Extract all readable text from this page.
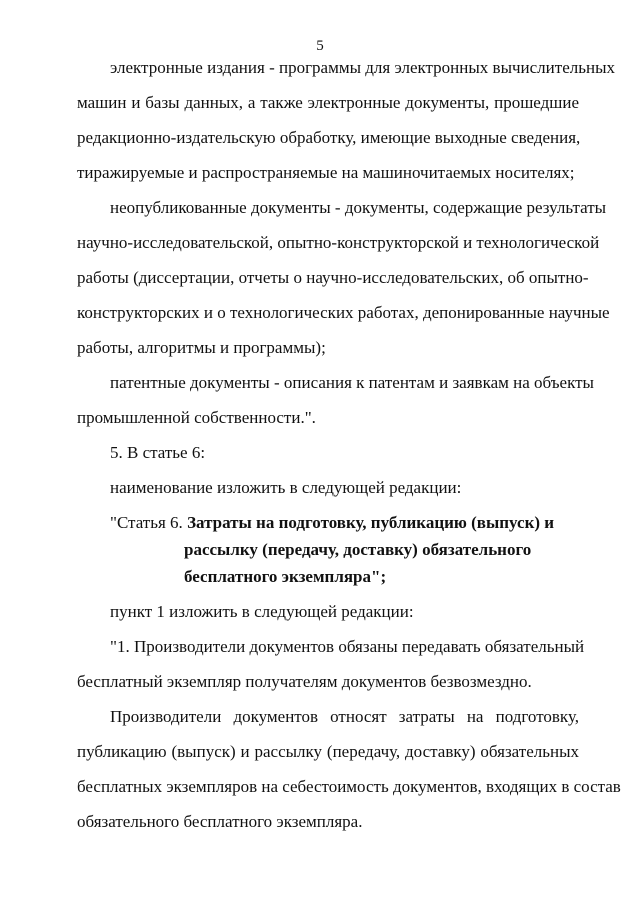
5
электронные издания - программы для электронных вычислительных
машин и базы данных, а также электронные документы, прошедшие
редакционно-издательскую обработку, имеющие выходные сведения,
тиражируемые и распространяемые на машиночитаемых носителях;
неопубликованные документы - документы, содержащие результаты
научно-исследовательской, опытно-конструкторской и технологической
работы (диссертации, отчеты о научно-исследовательских, об опытно-
конструкторских и о технологических работах, депонированные научные
работы, алгоритмы и программы);
патентные документы - описания к патентам и заявкам на объекты
промышленной собственности.".
5. В статье 6:
наименование изложить в следующей редакции:
"Статья 6. Затраты на подготовку, публикацию (выпуск) и
рассылку (передачу, доставку) обязательного
бесплатного экземпляра";
пункт 1 изложить в следующей редакции:
"1. Производители документов обязаны передавать обязательный
бесплатный экземпляр получателям документов безвозмездно.
Производители документов относят затраты на подготовку,
публикацию (выпуск) и рассылку (передачу, доставку) обязательных
бесплатных экземпляров на себестоимость документов, входящих в состав
обязательного бесплатного экземпляра.
